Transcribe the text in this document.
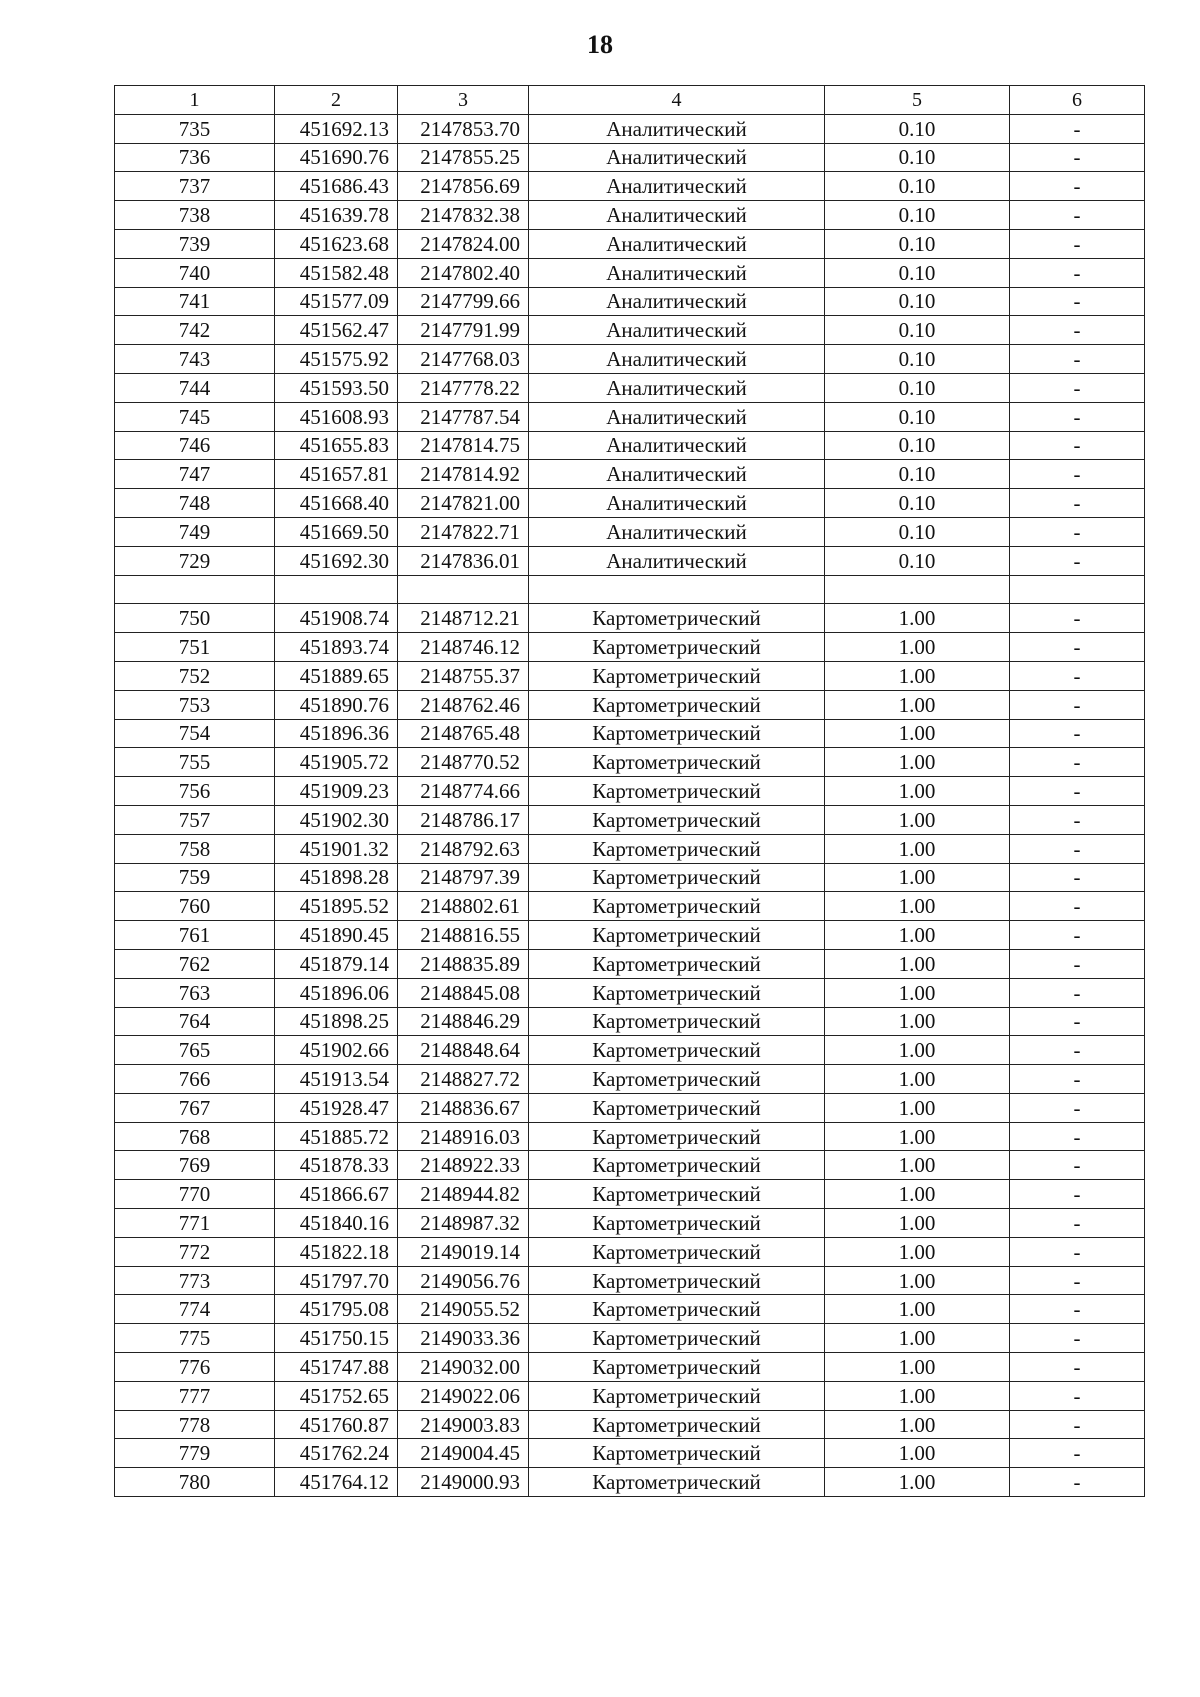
18
1	2	3	4	5	6
735	451692.13	2147853.70	Аналитический	0.10	-
736	451690.76	2147855.25	Аналитический	0.10	-
737	451686.43	2147856.69	Аналитический	0.10	-
738	451639.78	2147832.38	Аналитический	0.10	-
739	451623.68	2147824.00	Аналитический	0.10	-
740	451582.48	2147802.40	Аналитический	0.10	-
741	451577.09	2147799.66	Аналитический	0.10	-
742	451562.47	2147791.99	Аналитический	0.10	-
743	451575.92	2147768.03	Аналитический	0.10	-
744	451593.50	2147778.22	Аналитический	0.10	-
745	451608.93	2147787.54	Аналитический	0.10	-
746	451655.83	2147814.75	Аналитический	0.10	-
747	451657.81	2147814.92	Аналитический	0.10	-
748	451668.40	2147821.00	Аналитический	0.10	-
749	451669.50	2147822.71	Аналитический	0.10	-
729	451692.30	2147836.01	Аналитический	0.10	-

750	451908.74	2148712.21	Картометрический	1.00	-
751	451893.74	2148746.12	Картометрический	1.00	-
752	451889.65	2148755.37	Картометрический	1.00	-
753	451890.76	2148762.46	Картометрический	1.00	-
754	451896.36	2148765.48	Картометрический	1.00	-
755	451905.72	2148770.52	Картометрический	1.00	-
756	451909.23	2148774.66	Картометрический	1.00	-
757	451902.30	2148786.17	Картометрический	1.00	-
758	451901.32	2148792.63	Картометрический	1.00	-
759	451898.28	2148797.39	Картометрический	1.00	-
760	451895.52	2148802.61	Картометрический	1.00	-
761	451890.45	2148816.55	Картометрический	1.00	-
762	451879.14	2148835.89	Картометрический	1.00	-
763	451896.06	2148845.08	Картометрический	1.00	-
764	451898.25	2148846.29	Картометрический	1.00	-
765	451902.66	2148848.64	Картометрический	1.00	-
766	451913.54	2148827.72	Картометрический	1.00	-
767	451928.47	2148836.67	Картометрический	1.00	-
768	451885.72	2148916.03	Картометрический	1.00	-
769	451878.33	2148922.33	Картометрический	1.00	-
770	451866.67	2148944.82	Картометрический	1.00	-
771	451840.16	2148987.32	Картометрический	1.00	-
772	451822.18	2149019.14	Картометрический	1.00	-
773	451797.70	2149056.76	Картометрический	1.00	-
774	451795.08	2149055.52	Картометрический	1.00	-
775	451750.15	2149033.36	Картометрический	1.00	-
776	451747.88	2149032.00	Картометрический	1.00	-
777	451752.65	2149022.06	Картометрический	1.00	-
778	451760.87	2149003.83	Картометрический	1.00	-
779	451762.24	2149004.45	Картометрический	1.00	-
780	451764.12	2149000.93	Картометрический	1.00	-
